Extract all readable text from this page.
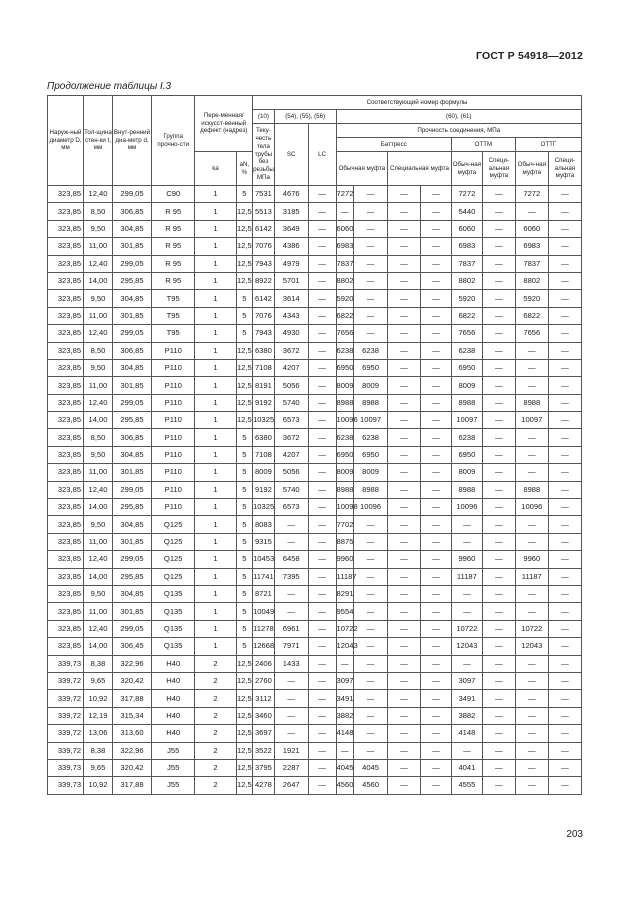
ГОСТ Р 54918—2012
Продолжение таблицы I.3
Наруж-ный диаметр D, мм	Тол-щина стен-ки t, мм	Внут-ренний диа-метр d, мм	Группа прочно-сти	Пере-менная/искусст-венный дефект (надрез)		Соответствующий номер формулы										
						(10)	(54), (55), (56)		(60), (61)							
						Теку-честь тела трубы без резьбы, МПа	SC	LC	Прочность соединения, МПа							
									Баттресс				ОТТМ		ОТТГ	
				ka	aN, %				Обычная муфта		Специальная муфта		Обыч-ная муфта	Специ-альная муфта	Обыч-ная муфта	Специ-альная муфта
323,85	12,40	299,05	C90	1	5	7531	4676	—	7272	—	—	—	7272	—	7272	—
323,85	8,50	306,85	R 95	1	12,5	5513	3185	—	—	—	—	—	5440	—	—	—
323,85	9,50	304,85	R 95	1	12,5	6142	3649	—	6060	—	—	—	6060	—	6060	—
323,85	11,00	301,85	R 95	1	12,5	7076	4386	—	6983	—	—	—	6983	—	6983	—
323,85	12,40	299,05	R 95	1	12,5	7943	4979	—	7837	—	—	—	7837	—	7837	—
323,85	14,00	295,85	R 95	1	12,5	8922	5701	—	8802	—	—	—	8802	—	8802	—
323,85	9,50	304,85	T95	1	5	6142	3614	—	5920	—	—	—	5920	—	5920	—
323,85	11,00	301,85	T95	1	5	7076	4343	—	6822	—	—	—	6822	—	6822	—
323,85	12,40	299,05	T95	1	5	7943	4930	—	7656	—	—	—	7656	—	7656	—
323,85	8,50	306,85	P110	1	12,5	6380	3672	—	6238	6238	—	—	6238	—	—	—
323,85	9,50	304,85	P110	1	12,5	7108	4207	—	6950	6950	—	—	6950	—	—	—
323,85	11,00	301,85	P110	1	12,5	8191	5056	—	8009	8009	—	—	8009	—	—	—
323,85	12,40	299,05	P110	1	12,5	9192	5740	—	8988	8988	—	—	8988	—	8988	—
323,85	14,00	295,85	P110	1	12,5	10325	6573	—	10096	10097	—	—	10097	—	10097	—
323,85	8,50	306,85	P110	1	5	6380	3672	—	6238	6238	—	—	6238	—	—	—
323,85	9,50	304,85	P110	1	5	7108	4207	—	6950	6950	—	—	6950	—	—	—
323,85	11,00	301,85	P110	1	5	8009	5056	—	8009	8009	—	—	8009	—	—	—
323,85	12,40	299,05	P110	1	5	9192	5740	—	8988	8988	—	—	8988	—	8988	—
323,85	14,00	295,85	P110	1	5	10325	6573	—	10098	10096	—	—	10096	—	10096	—
323,85	9,50	304,85	Q125	1	5	8083	—	—	7702	—	—	—	—	—	—	—
323,85	11,00	301,85	Q125	1	5	9315	—	—	8875	—	—	—	—	—	—	—
323,85	12,40	299,05	Q125	1	5	10453	6458	—	9960	—	—	—	9960	—	9960	—
323,85	14,00	295,85	Q125	1	5	11741	7395	—	11187	—	—	—	11187	—	11187	—
323,85	9,50	304,85	Q135	1	5	8721	—	—	8291	—	—	—	—	—	—	—
323,85	11,00	301,85	Q135	1	5	10049	—	—	9554	—	—	—	—	—	—	—
323,85	12,40	299,05	Q135	1	5	11278	6961	—	10722	—	—	—	10722	—	10722	—
323,85	14,00	306,45	Q135	1	5	12668	7971	—	12043	—	—	—	12043	—	12043	—
339,73	8,38	322,96	H40	2	12,5	2406	1433	—	—	—	—	—	—	—	—	—
339,72	9,65	320,42	H40	2	12,5	2760	—	—	3097	—	—	—	3097	—	—	—
339,72	10,92	317,88	H40	2	12,5	3112	—	—	3491	—	—	—	3491	—	—	—
339,72	12,19	315,34	H40	2	12,5	3460	—	—	3882	—	—	—	3882	—	—	—
339,72	13,06	313,60	H40	2	12,5	3697	—	—	4148	—	—	—	4148	—	—	—
339,72	8,38	322,96	J55	2	12,5	3522	1921	—	—	—	—	—	—	—	—	—
339,73	9,65	320,42	J55	2	12,5	3795	2287	—	4045	4045	—	—	4041	—	—	—
339,73	10,92	317,88	J55	2	12,5	4278	2647	—	4560	4560	—	—	4555	—	—	—
203
